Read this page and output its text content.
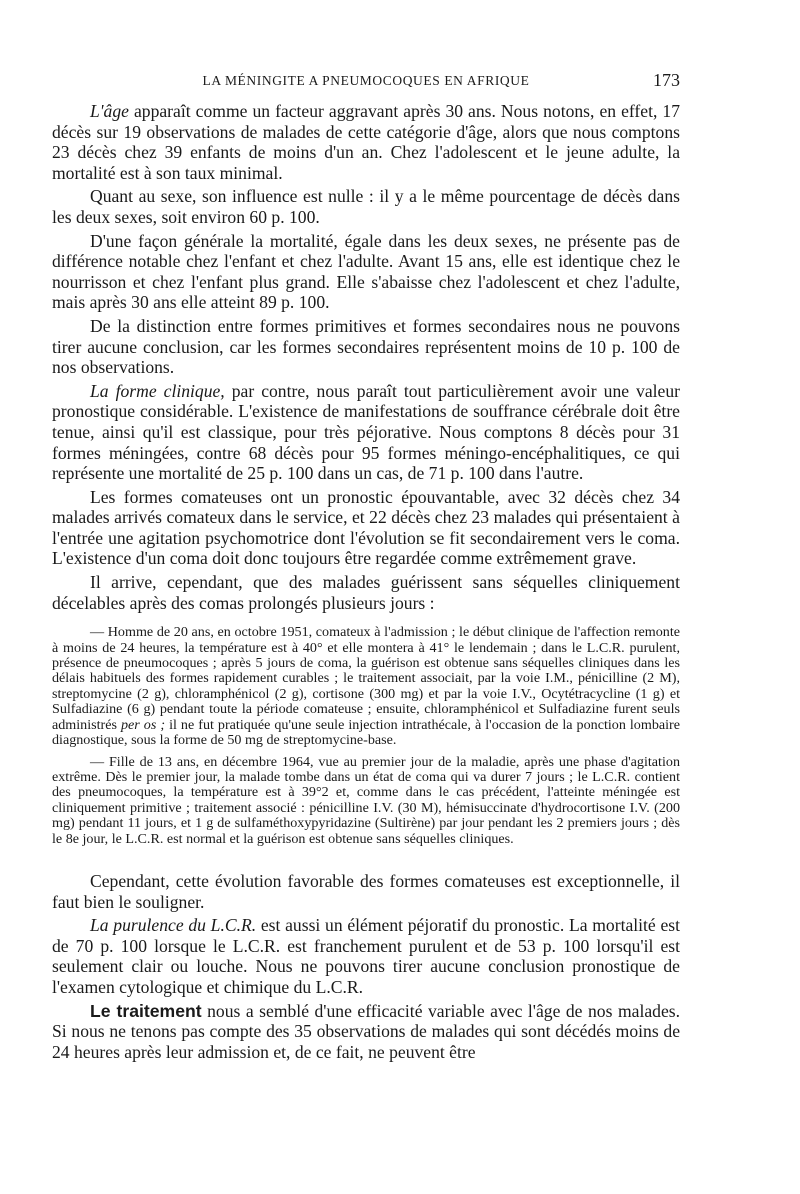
LA MÉNINGITE A PNEUMOCOQUES EN AFRIQUE	173

L'âge apparaît comme un facteur aggravant après 30 ans. Nous notons, en effet, 17 décès sur 19 observations de malades de cette catégorie d'âge, alors que nous comptons 23 décès chez 39 enfants de moins d'un an. Chez l'adolescent et le jeune adulte, la mortalité est à son taux minimal.

Quant au sexe, son influence est nulle : il y a le même pourcentage de décès dans les deux sexes, soit environ 60 p. 100.

D'une façon générale la mortalité, égale dans les deux sexes, ne présente pas de différence notable chez l'enfant et chez l'adulte. Avant 15 ans, elle est identique chez le nourrisson et chez l'enfant plus grand. Elle s'abaisse chez l'adolescent et chez l'adulte, mais après 30 ans elle atteint 89 p. 100.

De la distinction entre formes primitives et formes secondaires nous ne pouvons tirer aucune conclusion, car les formes secondaires représentent moins de 10 p. 100 de nos observations.

La forme clinique, par contre, nous paraît tout particulièrement avoir une valeur pronostique considérable. L'existence de manifestations de souffrance cérébrale doit être tenue, ainsi qu'il est classique, pour très péjorative. Nous comptons 8 décès pour 31 formes méningées, contre 68 décès pour 95 formes méningo-encéphalitiques, ce qui représente une mortalité de 25 p. 100 dans un cas, de 71 p. 100 dans l'autre.

Les formes comateuses ont un pronostic épouvantable, avec 32 décès chez 34 malades arrivés comateux dans le service, et 22 décès chez 23 malades qui présentaient à l'entrée une agitation psychomotrice dont l'évolution se fit secondairement vers le coma. L'existence d'un coma doit donc toujours être regardée comme extrêmement grave.

Il arrive, cependant, que des malades guérissent sans séquelles cliniquement décelables après des comas prolongés plusieurs jours :

— Homme de 20 ans, en octobre 1951, comateux à l'admission ; le début clinique de l'affection remonte à moins de 24 heures, la température est à 40° et elle montera à 41° le lendemain ; dans le L.C.R. purulent, présence de pneumocoques ; après 5 jours de coma, la guérison est obtenue sans séquelles cliniques dans les délais habituels des formes rapidement curables ; le traitement associait, par la voie I.M., pénicilline (2 M), streptomycine (2 g), chloramphénicol (2 g), cortisone (300 mg) et par la voie I.V., Ocytétracycline (1 g) et Sulfadiazine (6 g) pendant toute la période comateuse ; ensuite, chloramphénicol et Sulfadiazine furent seuls administrés per os ; il ne fut pratiquée qu'une seule injection intrathécale, à l'occasion de la ponction lombaire diagnostique, sous la forme de 50 mg de streptomycine-base.

— Fille de 13 ans, en décembre 1964, vue au premier jour de la maladie, après une phase d'agitation extrême. Dès le premier jour, la malade tombe dans un état de coma qui va durer 7 jours ; le L.C.R. contient des pneumocoques, la température est à 39°2 et, comme dans le cas précédent, l'atteinte méningée est cliniquement primitive ; traitement associé : pénicilline I.V. (30 M), hémisuccinate d'hydrocortisone I.V. (200 mg) pendant 11 jours, et 1 g de sulfaméthoxypyridazine (Sultirène) par jour pendant les 2 premiers jours ; dès le 8e jour, le L.C.R. est normal et la guérison est obtenue sans séquelles cliniques.

Cependant, cette évolution favorable des formes comateuses est exceptionnelle, il faut bien le souligner.

La purulence du L.C.R. est aussi un élément péjoratif du pronostic. La mortalité est de 70 p. 100 lorsque le L.C.R. est franchement purulent et de 53 p. 100 lorsqu'il est seulement clair ou louche. Nous ne pouvons tirer aucune conclusion pronostique de l'examen cytologique et chimique du L.C.R.

Le traitement nous a semblé d'une efficacité variable avec l'âge de nos malades. Si nous ne tenons pas compte des 35 observations de malades qui sont décédés moins de 24 heures après leur admission et, de ce fait, ne peuvent être
